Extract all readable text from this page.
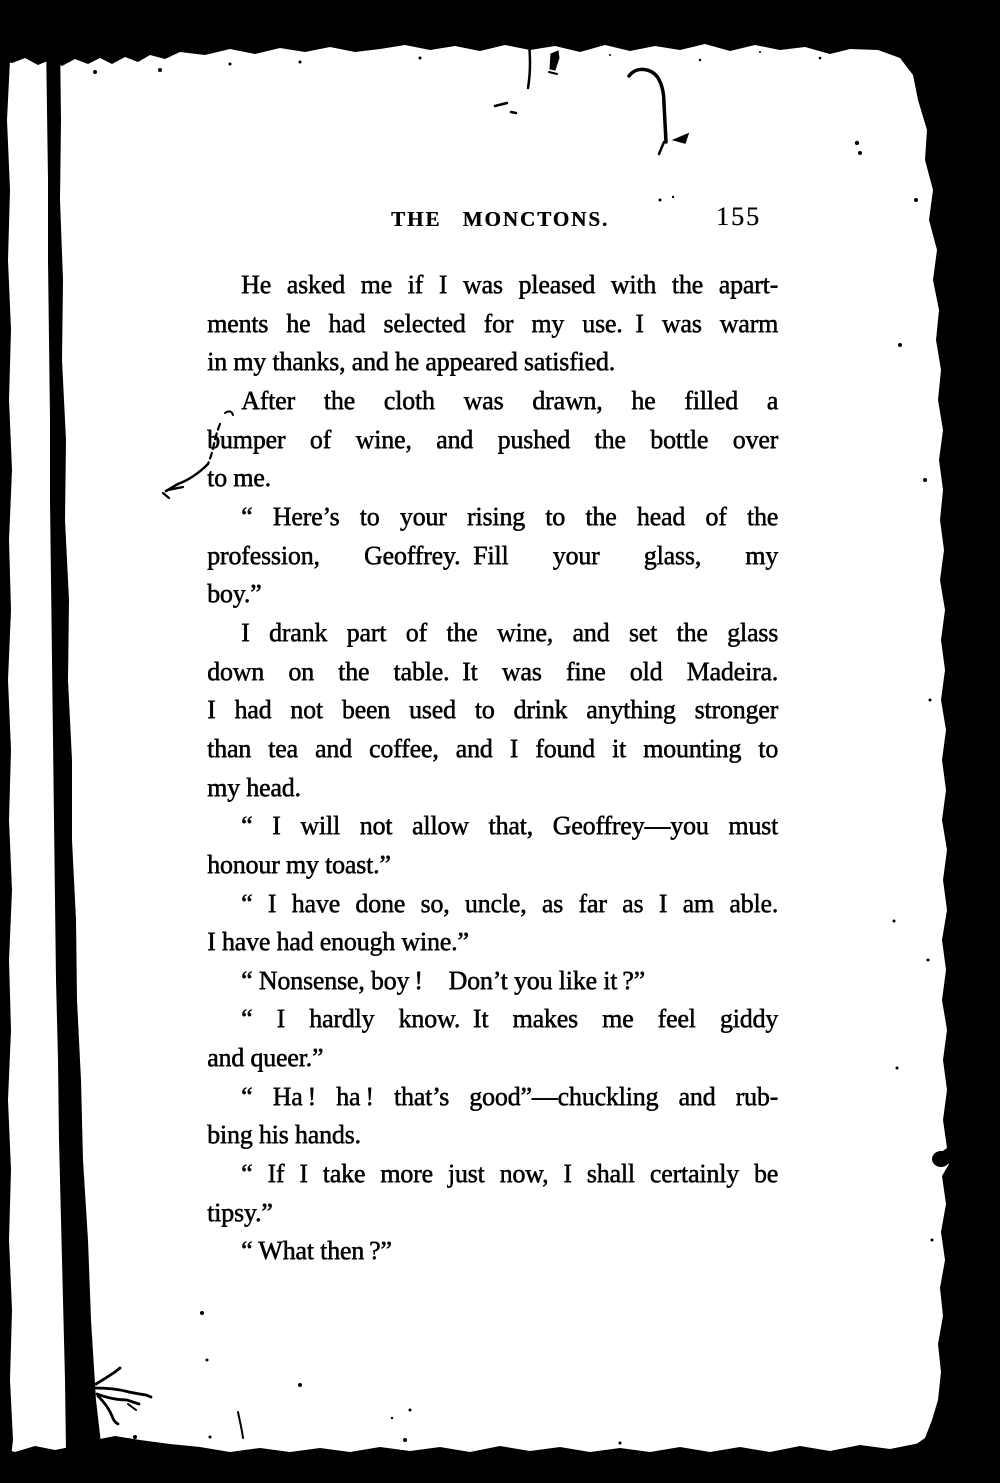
THE MONCTONS.	155
He asked me if I was pleased with the apart-
ments he had selected for my use. I was warm
in my thanks, and he appeared satisfied.
After the cloth was drawn, he filled a
bumper of wine, and pushed the bottle over
to me.
“ Here’s to your rising to the head of the
profession, Geoffrey. Fill your glass, my
boy.”
I drank part of the wine, and set the glass
down on the table. It was fine old Madeira.
I had not been used to drink anything stronger
than tea and coffee, and I found it mounting to
my head.
“ I will not allow that, Geoffrey—you must
honour my toast.”
“ I have done so, uncle, as far as I am able.
I have had enough wine.”
“ Nonsense, boy ! Don’t you like it ?”
“ I hardly know. It makes me feel giddy
and queer.”
“ Ha ! ha ! that’s good”—chuckling and rub-
bing his hands.
“ If I take more just now, I shall certainly be
tipsy.”
“ What then ?”
